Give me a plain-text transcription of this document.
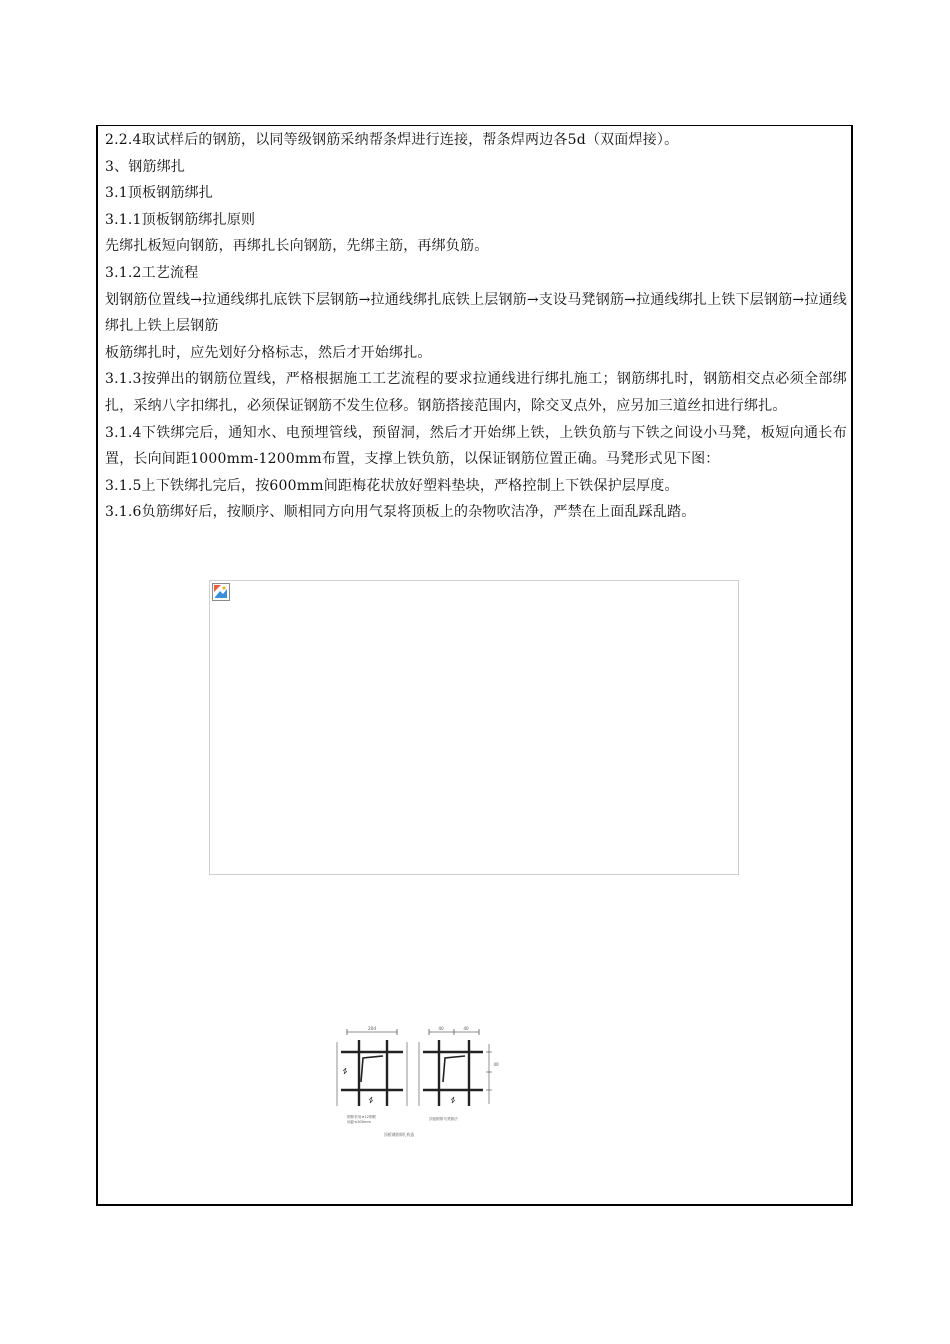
2.2.4取试样后的钢筋，以同等级钢筋采纳帮条焊进行连接，帮条焊两边各5d（双面焊接）。

3、钢筋绑扎

3.1顶板钢筋绑扎

3.1.1顶板钢筋绑扎原则

先绑扎板短向钢筋，再绑扎长向钢筋，先绑主筋，再绑负筋。

3.1.2工艺流程

划钢筋位置线→拉通线绑扎底铁下层钢筋→拉通线绑扎底铁上层钢筋→支设马凳钢筋→拉通线绑扎上铁下层钢筋→拉通线绑扎上铁上层钢筋

板筋绑扎时，应先划好分格标志，然后才开始绑扎。

3.1.3按弹出的钢筋位置线，严格根据施工工艺流程的要求拉通线进行绑扎施工；钢筋绑扎时，钢筋相交点必须全部绑扎，采纳八字扣绑扎，必须保证钢筋不发生位移。钢筋搭接范围内，除交叉点外，应另加三道丝扣进行绑扎。

3.1.4下铁绑完后，通知水、电预埋管线，预留洞，然后才开始绑上铁，上铁负筋与下铁之间设小马凳，板短向通长布置，长向间距1000mm-1200mm布置，支撑上铁负筋，以保证钢筋位置正确。马凳形式见下图：

3.1.5上下铁绑扎完后，按600mm间距梅花状放好塑料垫块，严格控制上下铁保护层厚度。

3.1.6负筋绑好后，按顺序、顺相同方向用气泵将顶板上的杂物吹洁净，严禁在上面乱踩乱踏。

20d	40	40
40
钢筋采用≥12钢筋
间距≤300mm
顶板钢筋马凳做法
顶板钢筋绑扎构造
